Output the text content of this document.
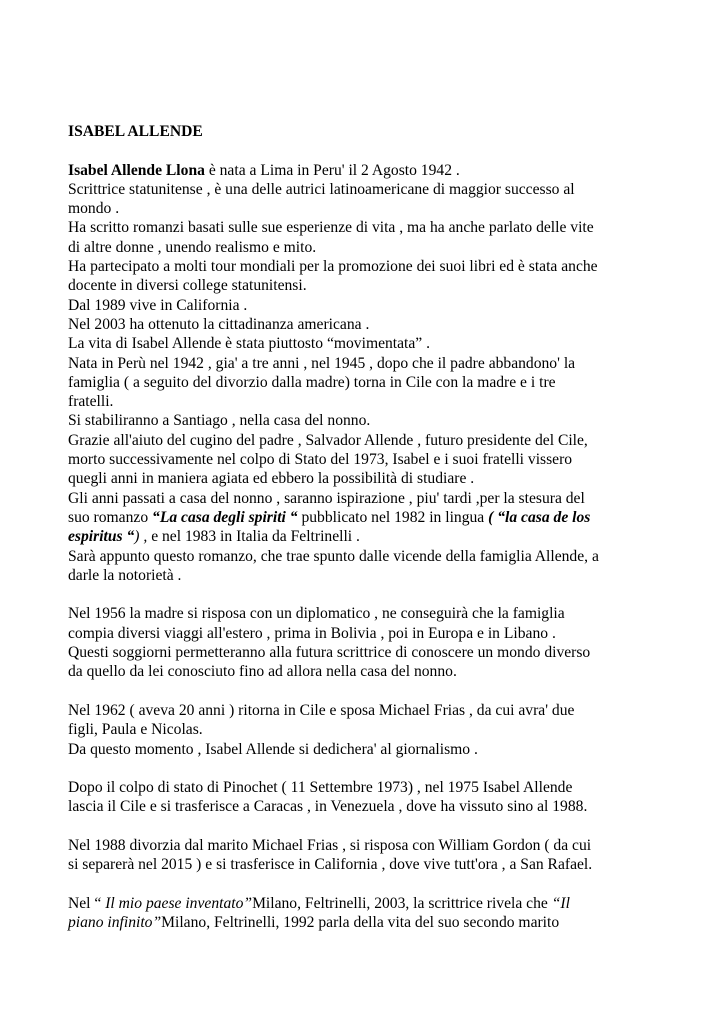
ISABEL ALLENDE
Isabel Allende Llona è nata a Lima in Peru' il 2 Agosto 1942 .
Scrittrice statunitense , è una delle autrici latinoamericane di maggior successo al
mondo .
Ha scritto romanzi basati sulle sue esperienze di vita , ma ha anche parlato delle vite
di altre donne , unendo realismo e mito.
Ha partecipato a molti tour mondiali per la promozione dei suoi libri ed è stata anche
docente in diversi college statunitensi.
Dal 1989 vive in California .
Nel 2003 ha ottenuto la cittadinanza americana .
La vita di Isabel Allende è stata piuttosto “movimentata” .
Nata in Perù nel 1942 , gia' a tre anni , nel 1945 , dopo che il padre abbandono' la
famiglia ( a seguito del divorzio dalla madre) torna in Cile con la madre e i tre
fratelli.
Si stabiliranno a Santiago , nella casa del nonno.
Grazie all'aiuto del cugino del padre , Salvador Allende , futuro presidente del Cile,
morto successivamente nel colpo di Stato del 1973, Isabel e i suoi fratelli vissero
quegli anni in maniera agiata ed ebbero la possibilità di studiare .
Gli anni passati a casa del nonno , saranno ispirazione , piu' tardi ,per la stesura del
suo romanzo “La casa degli spiriti “ pubblicato nel 1982 in lingua ( “la casa de los
espiritus “) , e nel 1983 in Italia da Feltrinelli .
Sarà appunto questo romanzo, che trae spunto dalle vicende della famiglia Allende, a
darle la notorietà .
Nel 1956 la madre si risposa con un diplomatico , ne conseguirà che la famiglia
compia diversi viaggi all'estero , prima in Bolivia , poi in Europa e in Libano .
Questi soggiorni permetteranno alla futura scrittrice di conoscere un mondo diverso
da quello da lei conosciuto fino ad allora nella casa del nonno.
Nel 1962 ( aveva 20 anni ) ritorna in Cile e sposa Michael Frias , da cui avra' due
figli, Paula e Nicolas.
Da questo momento , Isabel Allende si dedichera' al giornalismo .
Dopo il colpo di stato di Pinochet ( 11 Settembre 1973) , nel 1975 Isabel Allende
lascia il Cile e si trasferisce a Caracas , in Venezuela , dove ha vissuto sino al 1988.
Nel 1988 divorzia dal marito Michael Frias , si risposa con William Gordon ( da cui
si separerà nel 2015 ) e si trasferisce in California , dove vive tutt'ora , a San Rafael.
Nel “ Il mio paese inventato”Milano, Feltrinelli, 2003, la scrittrice rivela che “Il
piano infinito”Milano, Feltrinelli, 1992 parla della vita del suo secondo marito
